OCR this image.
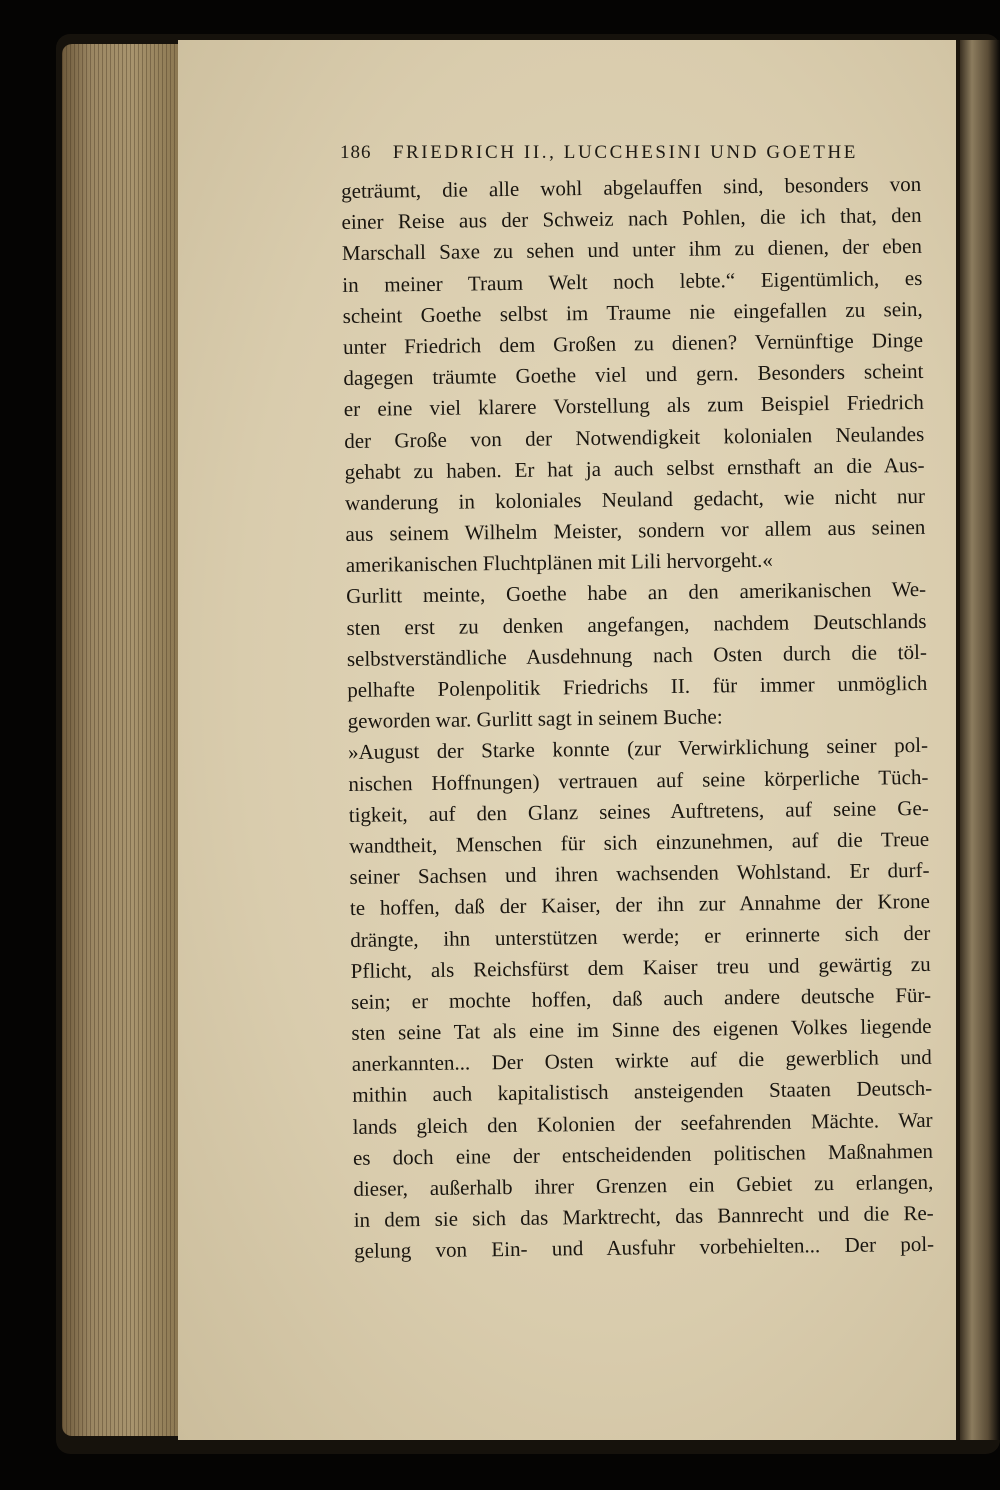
186 FRIEDRICH II., LUCCHESINI UND GOETHE
geträumt, die alle wohl abgelauffen sind, besonders von
einer Reise aus der Schweiz nach Pohlen, die ich that, den
Marschall Saxe zu sehen und unter ihm zu dienen, der eben
in meiner Traum Welt noch lebte.“ Eigentümlich, es
scheint Goethe selbst im Traume nie eingefallen zu sein,
unter Friedrich dem Großen zu dienen? Vernünftige Dinge
dagegen träumte Goethe viel und gern. Besonders scheint
er eine viel klarere Vorstellung als zum Beispiel Friedrich
der Große von der Notwendigkeit kolonialen Neulandes
gehabt zu haben. Er hat ja auch selbst ernsthaft an die Aus-
wanderung in koloniales Neuland gedacht, wie nicht nur
aus seinem Wilhelm Meister, sondern vor allem aus seinen
amerikanischen Fluchtplänen mit Lili hervorgeht.«
Gurlitt meinte, Goethe habe an den amerikanischen We-
sten erst zu denken angefangen, nachdem Deutschlands
selbstverständliche Ausdehnung nach Osten durch die töl-
pelhafte Polenpolitik Friedrichs II. für immer unmöglich
geworden war. Gurlitt sagt in seinem Buche:
»August der Starke konnte (zur Verwirklichung seiner pol-
nischen Hoffnungen) vertrauen auf seine körperliche Tüch-
tigkeit, auf den Glanz seines Auftretens, auf seine Ge-
wandtheit, Menschen für sich einzunehmen, auf die Treue
seiner Sachsen und ihren wachsenden Wohlstand. Er durf-
te hoffen, daß der Kaiser, der ihn zur Annahme der Krone
drängte, ihn unterstützen werde; er erinnerte sich der
Pflicht, als Reichsfürst dem Kaiser treu und gewärtig zu
sein; er mochte hoffen, daß auch andere deutsche Für-
sten seine Tat als eine im Sinne des eigenen Volkes liegende
anerkannten... Der Osten wirkte auf die gewerblich und
mithin auch kapitalistisch ansteigenden Staaten Deutsch-
lands gleich den Kolonien der seefahrenden Mächte. War
es doch eine der entscheidenden politischen Maßnahmen
dieser, außerhalb ihrer Grenzen ein Gebiet zu erlangen,
in dem sie sich das Marktrecht, das Bannrecht und die Re-
gelung von Ein- und Ausfuhr vorbehielten... Der pol-
